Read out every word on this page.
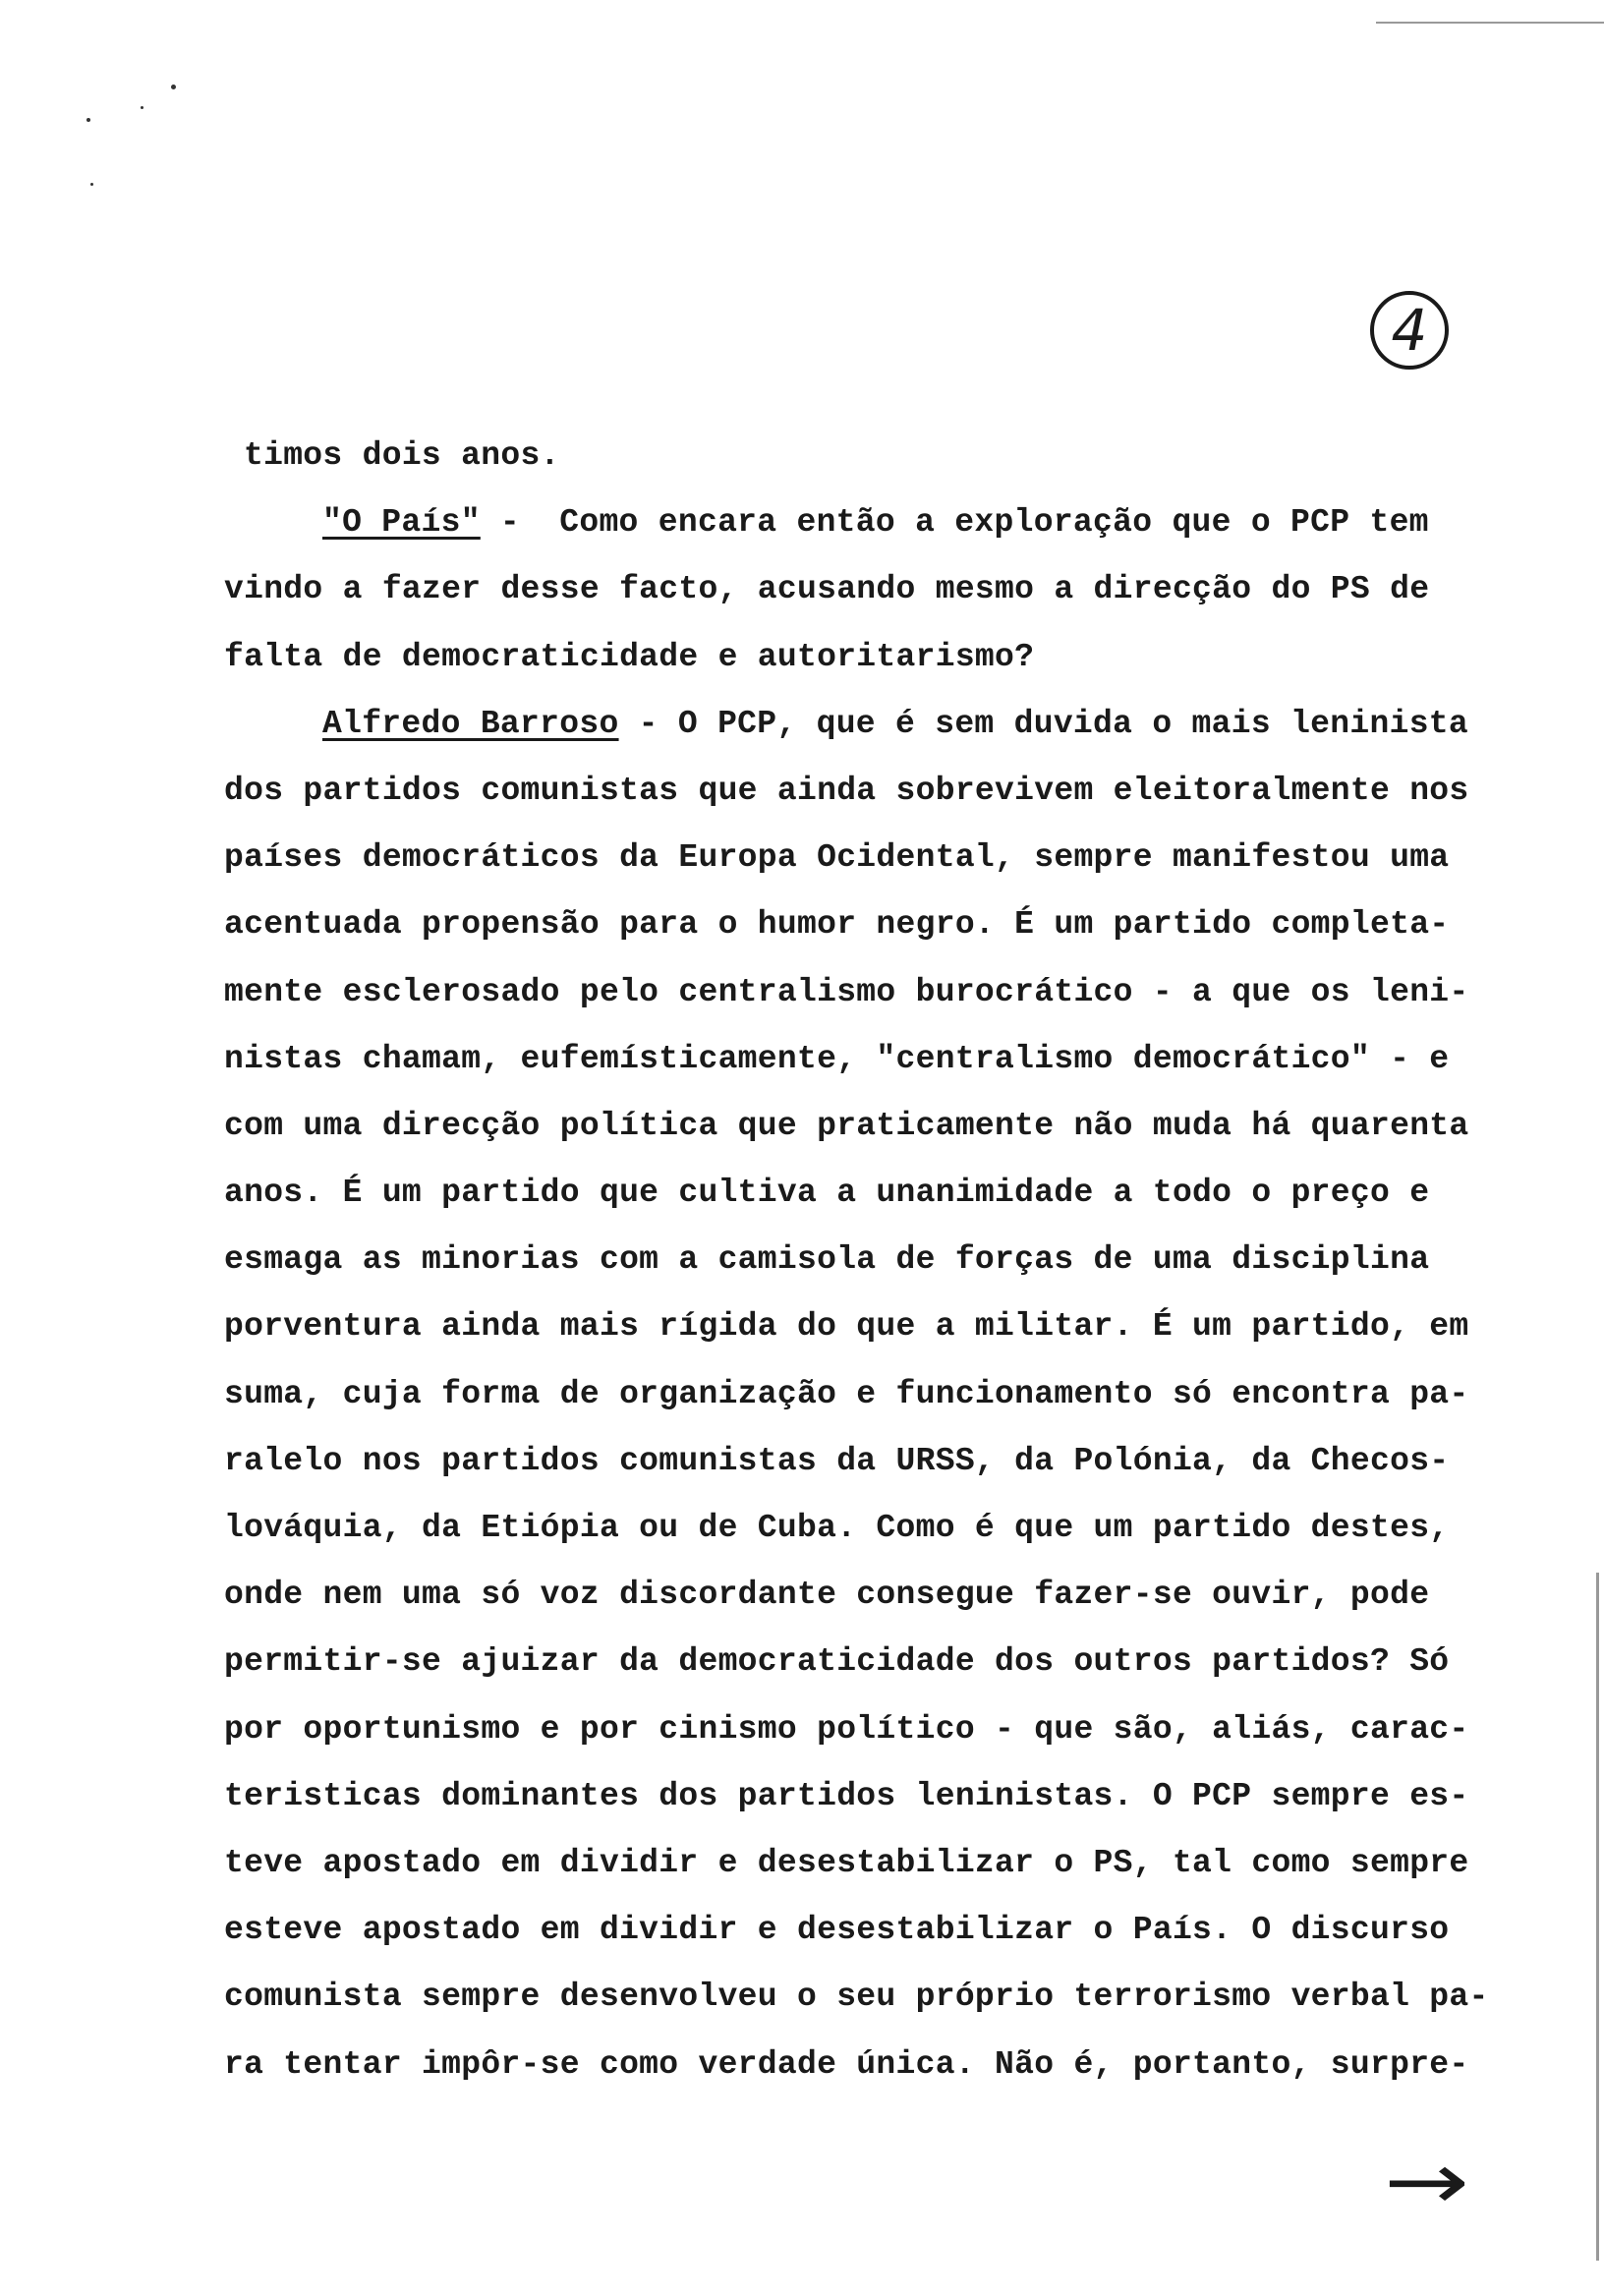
4
timos dois anos.
"O País" -  Como encara então a exploração que o PCP tem
vindo a fazer desse facto, acusando mesmo a direcção do PS de
falta de democraticidade e autoritarismo?
Alfredo Barroso - O PCP, que é sem duvida o mais leninista
dos partidos comunistas que ainda sobrevivem eleitoralmente nos
países democráticos da Europa Ocidental, sempre manifestou uma
acentuada propensão para o humor negro. É um partido completa-
mente esclerosado pelo centralismo burocrático - a que os leni-
nistas chamam, eufemísticamente, "centralismo democrático" - e
com uma direcção política que praticamente não muda há quarenta
anos. É um partido que cultiva a unanimidade a todo o preço e
esmaga as minorias com a camisola de forças de uma disciplina
porventura ainda mais rígida do que a militar. É um partido, em
suma, cuja forma de organização e funcionamento só encontra pa-
ralelo nos partidos comunistas da URSS, da Polónia, da Checos-
lováquia, da Etiópia ou de Cuba. Como é que um partido destes,
onde nem uma só voz discordante consegue fazer-se ouvir, pode
permitir-se ajuizar da democraticidade dos outros partidos? Só
por oportunismo e por cinismo político - que são, aliás, carac-
teristicas dominantes dos partidos leninistas. O PCP sempre es-
teve apostado em dividir e desestabilizar o PS, tal como sempre
esteve apostado em dividir e desestabilizar o País. O discurso
comunista sempre desenvolveu o seu próprio terrorismo verbal pa-
ra tentar impôr-se como verdade única. Não é, portanto, surpre-
→
